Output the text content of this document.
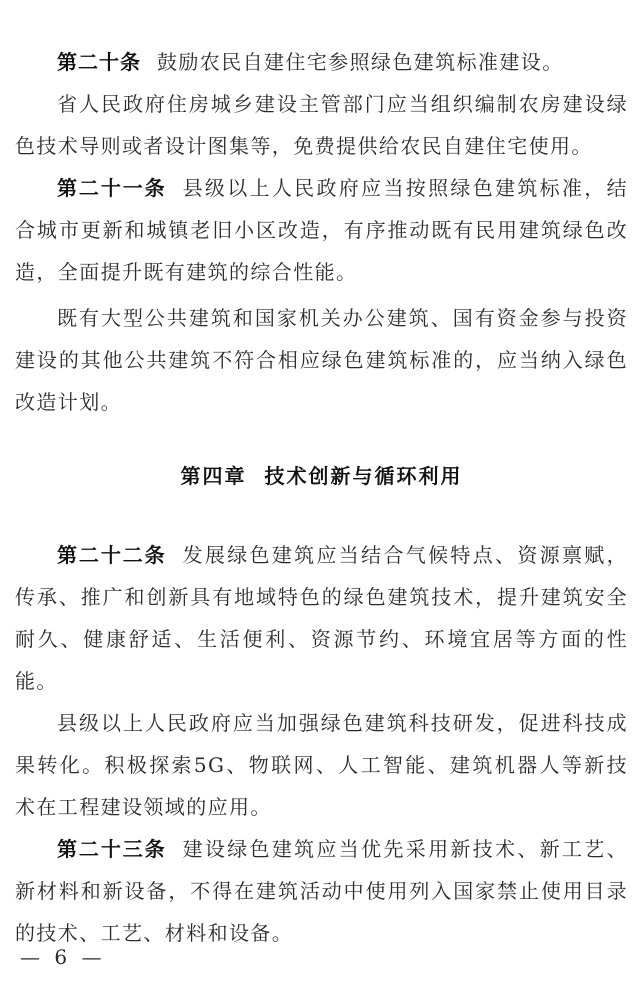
第二十条 鼓励农民自建住宅参照绿色建筑标准建设。
省人民政府住房城乡建设主管部门应当组织编制农房建设绿
色技术导则或者设计图集等，免费提供给农民自建住宅使用。
第二十一条 县级以上人民政府应当按照绿色建筑标准，结
合城市更新和城镇老旧小区改造，有序推动既有民用建筑绿色改
造，全面提升既有建筑的综合性能。
既有大型公共建筑和国家机关办公建筑、国有资金参与投资
建设的其他公共建筑不符合相应绿色建筑标准的，应当纳入绿色
改造计划。
第四章 技术创新与循环利用
第二十二条 发展绿色建筑应当结合气候特点、资源禀赋，
传承、推广和创新具有地域特色的绿色建筑技术，提升建筑安全
耐久、健康舒适、生活便利、资源节约、环境宜居等方面的性
能。
县级以上人民政府应当加强绿色建筑科技研发，促进科技成
果转化。积极探索5G、物联网、人工智能、建筑机器人等新技
术在工程建设领域的应用。
第二十三条 建设绿色建筑应当优先采用新技术、新工艺、
新材料和新设备，不得在建筑活动中使用列入国家禁止使用目录
的技术、工艺、材料和设备。
— 6 —
